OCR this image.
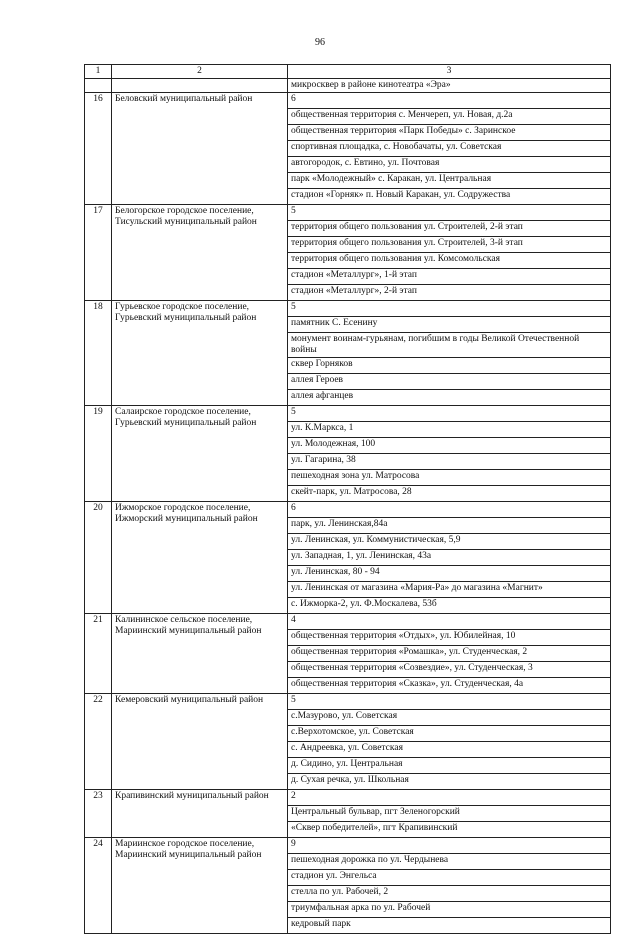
96
1	2	3
		микросквер в районе кинотеатра «Эра»
16	Беловский муниципальный район	6
		общественная территория с. Менчереп, ул. Новая, д.2а
		общественная территория «Парк Победы» с. Заринское
		спортивная площадка, с. Новобачаты, ул. Советская
		автогородок, с. Евтино, ул. Почтовая
		парк «Молодежный» с. Каракан, ул. Центральная
		стадион «Горняк» п. Новый Каракан, ул. Содружества
17	Белогорское городское поселение, Тисульский муниципальный район	5
		территория общего пользования ул. Строителей, 2-й этап
		территория общего пользования ул. Строителей, 3-й этап
		территория общего пользования ул. Комсомольская
		стадион «Металлург», 1-й этап
		стадион «Металлург», 2-й этап
18	Гурьевское городское поселение, Гурьевский муниципальный район	5
		памятник С. Есенину
		монумент воинам-гурьянам, погибшим в годы Великой Отечественной войны
		сквер Горняков
		аллея Героев
		аллея афганцев
19	Салаирское городское поселение, Гурьевский муниципальный район	5
		ул. К.Маркса, 1
		ул. Молодежная, 100
		ул. Гагарина, 38
		пешеходная зона ул. Матросова
		скейт-парк, ул. Матросова, 28
20	Ижморское городское поселение, Ижморский муниципальный район	6
		парк, ул. Ленинская,84а
		ул. Ленинская, ул. Коммунистическая, 5,9
		ул. Западная, 1, ул. Ленинская, 43а
		ул. Ленинская, 80 - 94
		ул. Ленинская от магазина «Мария-Ра» до магазина «Магнит»
		с. Ижморка-2, ул. Ф.Москалева, 53б
21	Калининское сельское поселение, Мариинский муниципальный район	4
		общественная территория «Отдых», ул. Юбилейная, 10
		общественная территория «Ромашка», ул. Студенческая, 2
		общественная территория «Созвездие», ул. Студенческая, 3
		общественная территория «Сказка», ул. Студенческая, 4а
22	Кемеровский муниципальный район	5
		с.Мазурово, ул. Советская
		с.Верхотомское, ул. Советская
		с. Андреевка, ул. Советская
		д. Сидино, ул. Центральная
		д. Сухая речка, ул. Школьная
23	Крапивинский муниципальный район	2
		Центральный бульвар, пгт Зеленогорский
		«Сквер победителей», пгт Крапивинский
24	Мариинское городское поселение, Мариинский муниципальный район	9
		пешеходная дорожка по ул. Чердынева
		стадион ул. Энгельса
		стелла по ул. Рабочей, 2
		триумфальная арка по ул. Рабочей
		кедровый парк
